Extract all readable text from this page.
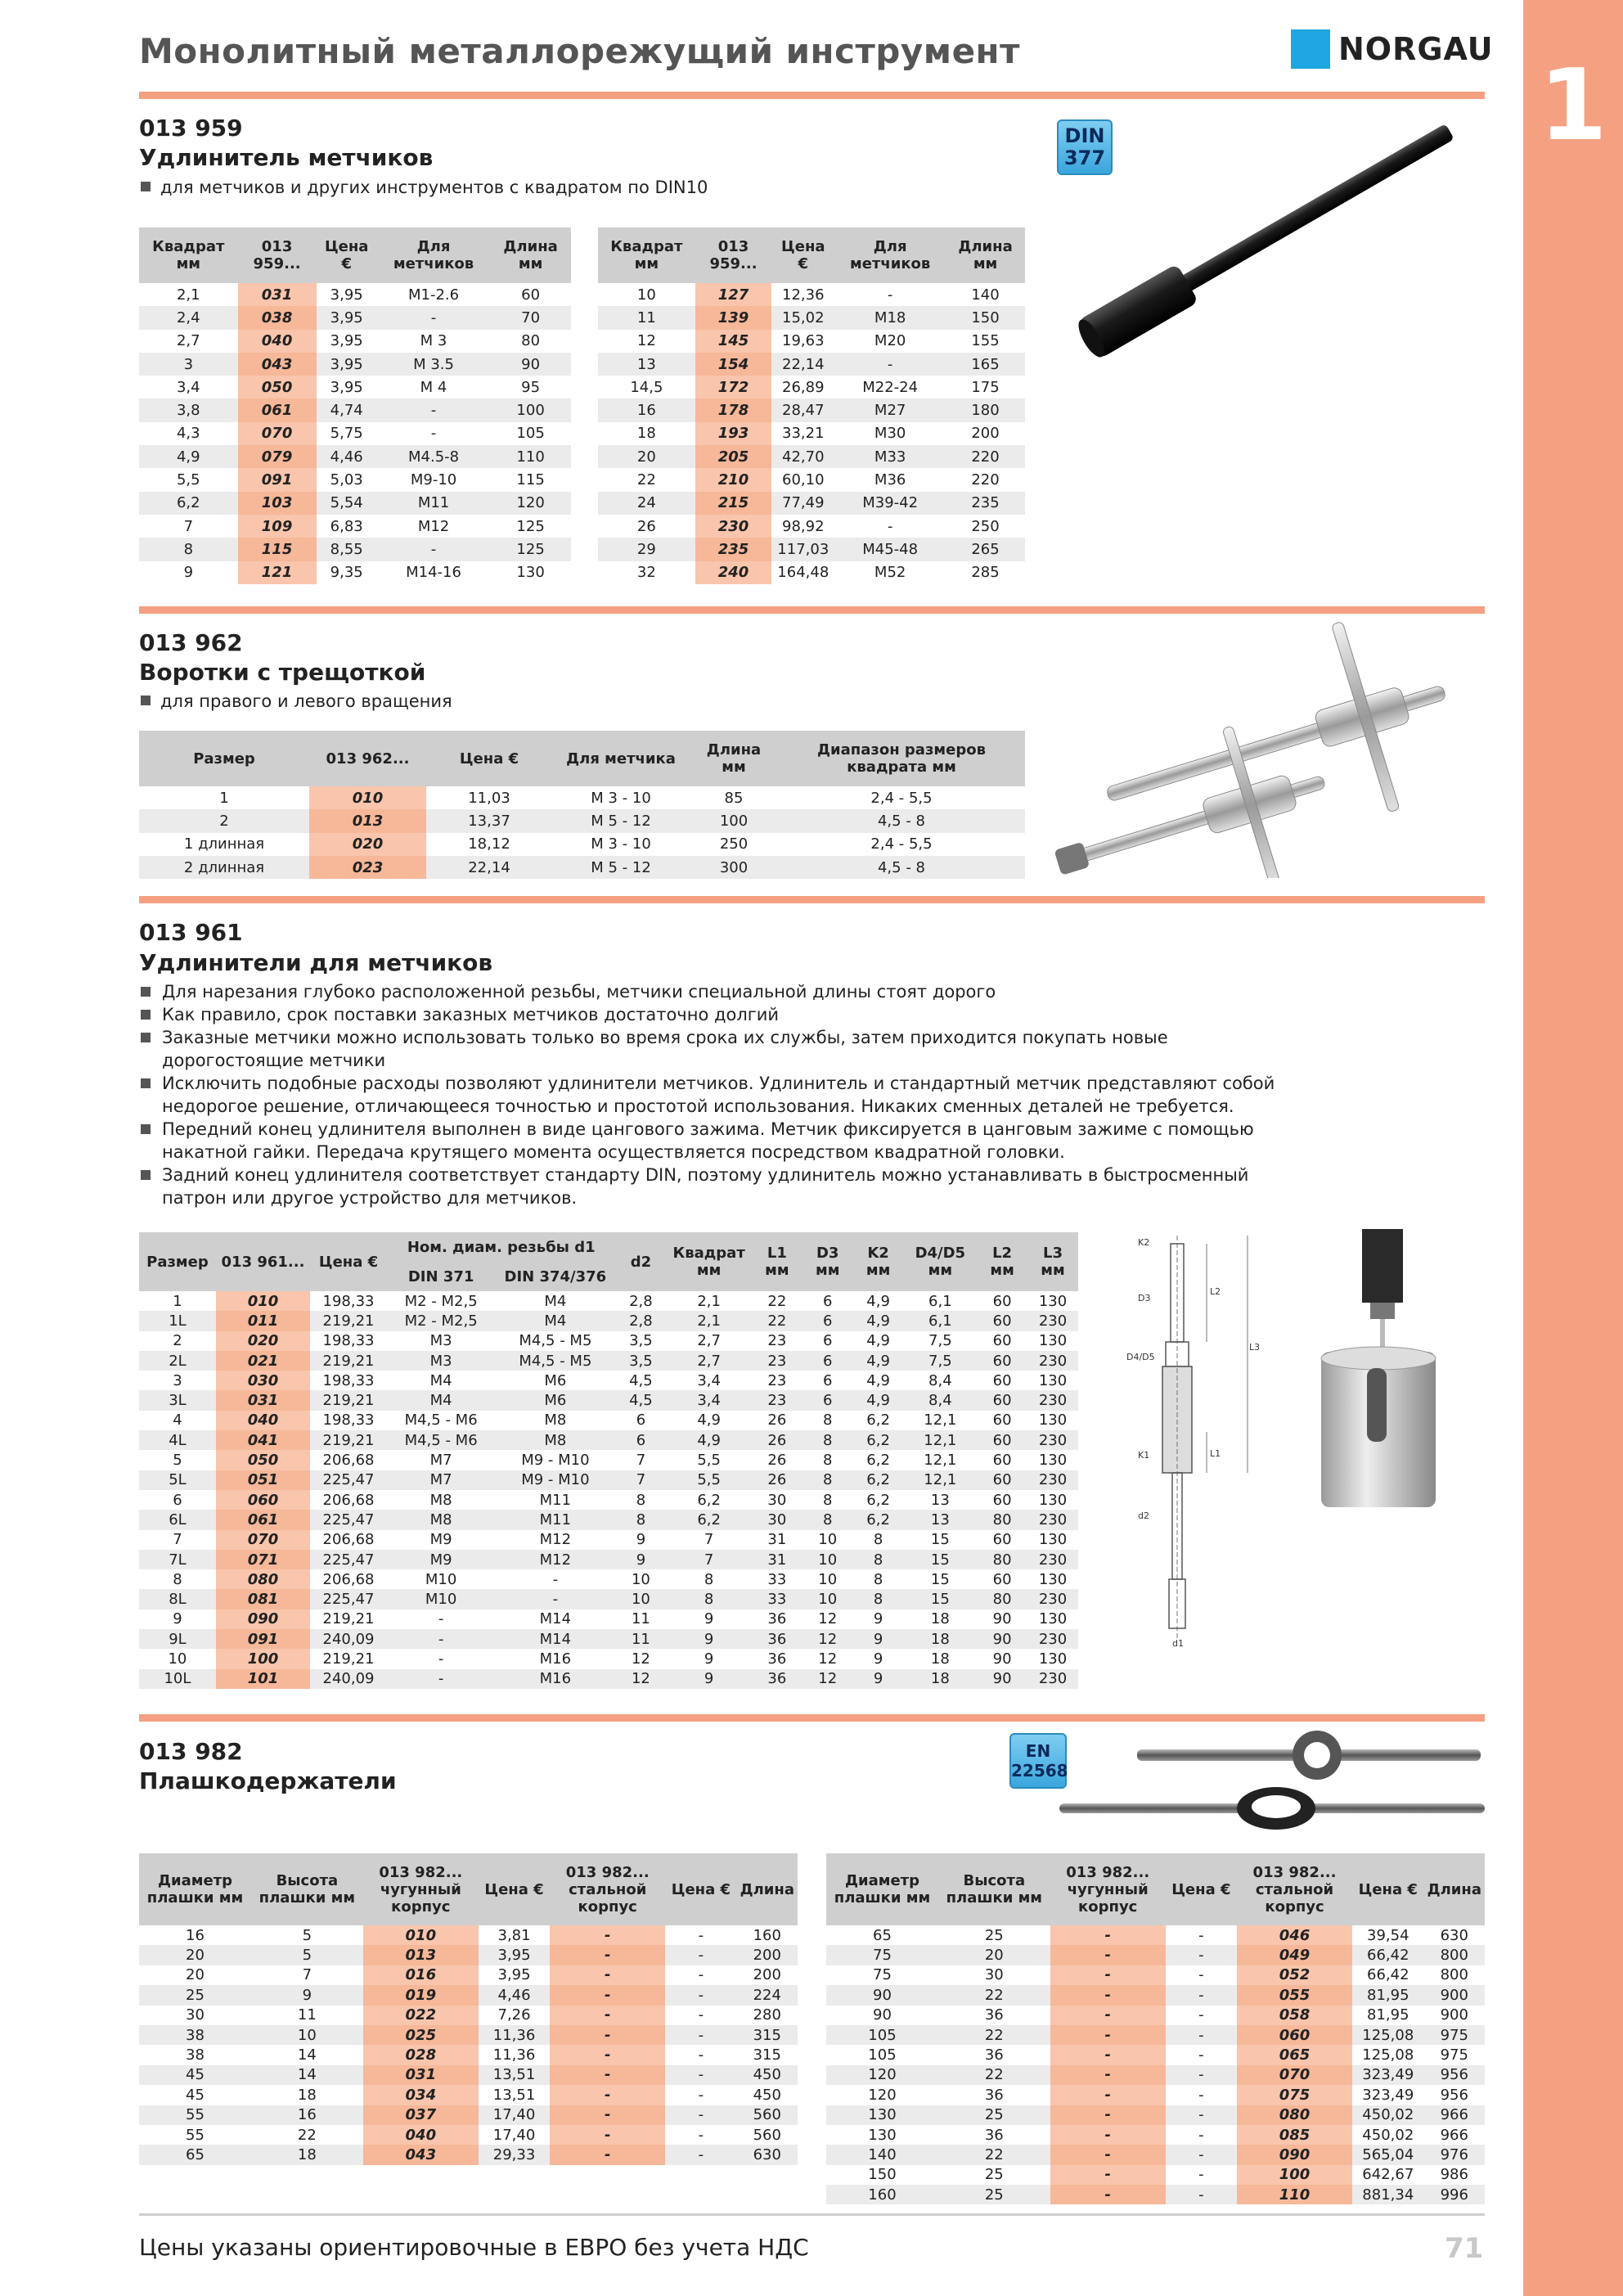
1
Монолитный металлорежущий инструмент	NORGAU
013 959
Удлинитель метчиков
для метчиков и других инструментов с квадратом по DIN10
DIN
377
Квадрат мм	013 959...	Цена €	Для метчиков	Длина мм
2,1	031	3,95	M1-2.6	60
2,4	038	3,95	-	70
2,7	040	3,95	M 3	80
3	043	3,95	M 3.5	90
3,4	050	3,95	M 4	95
3,8	061	4,74	-	100
4,3	070	5,75	-	105
4,9	079	4,46	M4.5-8	110
5,5	091	5,03	M9-10	115
6,2	103	5,54	M11	120
7	109	6,83	M12	125
8	115	8,55	-	125
9	121	9,35	M14-16	130
Квадрат мм	013 959...	Цена €	Для метчиков	Длина мм
10	127	12,36	-	140
11	139	15,02	M18	150
12	145	19,63	M20	155
13	154	22,14	-	165
14,5	172	26,89	M22-24	175
16	178	28,47	M27	180
18	193	33,21	M30	200
20	205	42,70	M33	220
22	210	60,10	M36	220
24	215	77,49	M39-42	235
26	230	98,92	-	250
29	235	117,03	M45-48	265
32	240	164,48	M52	285
013 962
Воротки с трещоткой
для правого и левого вращения
Размер	013 962...	Цена €	Для метчика	Длина мм	Диапазон размеров квадрата мм
1	010	11,03	M 3 - 10	85	2,4 - 5,5
2	013	13,37	M 5 - 12	100	4,5 - 8
1 длинная	020	18,12	M 3 - 10	250	2,4 - 5,5
2 длинная	023	22,14	M 5 - 12	300	4,5 - 8
013 961
Удлинители для метчиков
Для нарезания глубоко расположенной резьбы, метчики специальной длины стоят дорого
Как правило, срок поставки заказных метчиков достаточно долгий
Заказные метчики можно использовать только во время срока их службы, затем приходится покупать новые
дорогостоящие метчики
Исключить подобные расходы позволяют удлинители метчиков. Удлинитель и стандартный метчик представляют собой
недорогое решение, отличающееся точностью и простотой использования. Никаких сменных деталей не требуется.
Передний конец удлинителя выполнен в виде цангового зажима. Метчик фиксируется в цанговым зажиме с помощью
накатной гайки. Передача крутящего момента осуществляется посредством квадратной головки.
Задний конец удлинителя соответствует стандарту DIN, поэтому удлинитель можно устанавливать в быстросменный
патрон или другое устройство для метчиков.
Размер	013 961...	Цена €	Ном. диам. резьбы d1		d2	Квадрат мм	L1 мм	D3 мм	K2 мм	D4/D5 мм	L2 мм	L3 мм
			DIN 371	DIN 374/376								
1	010	198,33	M2 - M2,5	M4	2,8	2,1	22	6	4,9	6,1	60	130
1L	011	219,21	M2 - M2,5	M4	2,8	2,1	22	6	4,9	6,1	60	230
2	020	198,33	M3	M4,5 - M5	3,5	2,7	23	6	4,9	7,5	60	130
2L	021	219,21	M3	M4,5 - M5	3,5	2,7	23	6	4,9	7,5	60	230
3	030	198,33	M4	M6	4,5	3,4	23	6	4,9	8,4	60	130
3L	031	219,21	M4	M6	4,5	3,4	23	6	4,9	8,4	60	230
4	040	198,33	M4,5 - M6	M8	6	4,9	26	8	6,2	12,1	60	130
4L	041	219,21	M4,5 - M6	M8	6	4,9	26	8	6,2	12,1	60	230
5	050	206,68	M7	M9 - M10	7	5,5	26	8	6,2	12,1	60	130
5L	051	225,47	M7	M9 - M10	7	5,5	26	8	6,2	12,1	60	230
6	060	206,68	M8	M11	8	6,2	30	8	6,2	13	60	130
6L	061	225,47	M8	M11	8	6,2	30	8	6,2	13	80	230
7	070	206,68	M9	M12	9	7	31	10	8	15	60	130
7L	071	225,47	M9	M12	9	7	31	10	8	15	80	230
8	080	206,68	M10	-	10	8	33	10	8	15	60	130
8L	081	225,47	M10	-	10	8	33	10	8	15	80	230
9	090	219,21	-	M14	11	9	36	12	9	18	90	130
9L	091	240,09	-	M14	11	9	36	12	9	18	90	230
10	100	219,21	-	M16	12	9	36	12	9	18	90	130
10L	101	240,09	-	M16	12	9	36	12	9	18	90	230
K2
D3
L2
D4/D5
L3
K1	L1
d2
d1
013 982
Плашкодержатели
EN
22568
Диаметр плашки мм	Высота плашки мм	013 982... чугунный корпус	Цена €	013 982... стальной корпус	Цена €	Длина
16	5	010	3,81	-	-	160
20	5	013	3,95	-	-	200
20	7	016	3,95	-	-	200
25	9	019	4,46	-	-	224
30	11	022	7,26	-	-	280
38	10	025	11,36	-	-	315
38	14	028	11,36	-	-	315
45	14	031	13,51	-	-	450
45	18	034	13,51	-	-	450
55	16	037	17,40	-	-	560
55	22	040	17,40	-	-	560
65	18	043	29,33	-	-	630
Диаметр плашки мм	Высота плашки мм	013 982... чугунный корпус	Цена €	013 982... стальной корпус	Цена €	Длина
65	25	-	-	046	39,54	630
75	20	-	-	049	66,42	800
75	30	-	-	052	66,42	800
90	22	-	-	055	81,95	900
90	36	-	-	058	81,95	900
105	22	-	-	060	125,08	975
105	36	-	-	065	125,08	975
120	22	-	-	070	323,49	956
120	36	-	-	075	323,49	956
130	25	-	-	080	450,02	966
130	36	-	-	085	450,02	966
140	22	-	-	090	565,04	976
150	25	-	-	100	642,67	986
160	25	-	-	110	881,34	996
Цены указаны ориентировочные в ЕВРО без учета НДС	71
